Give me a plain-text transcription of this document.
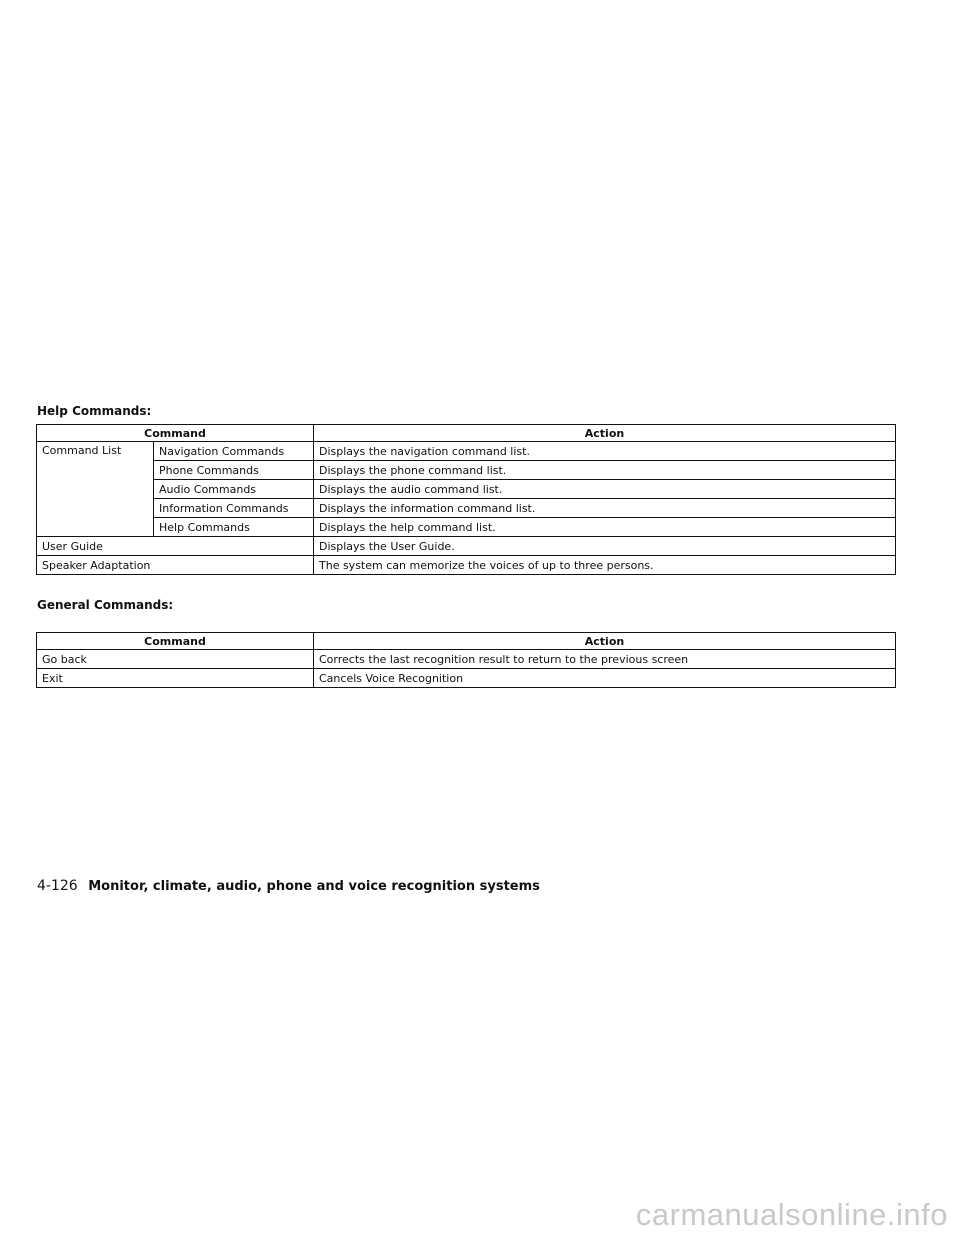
Help Commands:
Command		Action
Command List	Navigation Commands	Displays the navigation command list.
	Phone Commands	Displays the phone command list.
	Audio Commands	Displays the audio command list.
	Information Commands	Displays the information command list.
	Help Commands	Displays the help command list.
User Guide		Displays the User Guide.
Speaker Adaptation		The system can memorize the voices of up to three persons.
General Commands:
Command	Action
Go back	Corrects the last recognition result to return to the previous screen
Exit	Cancels Voice Recognition
4-126 Monitor, climate, audio, phone and voice recognition systems
carmanualsonline.info
